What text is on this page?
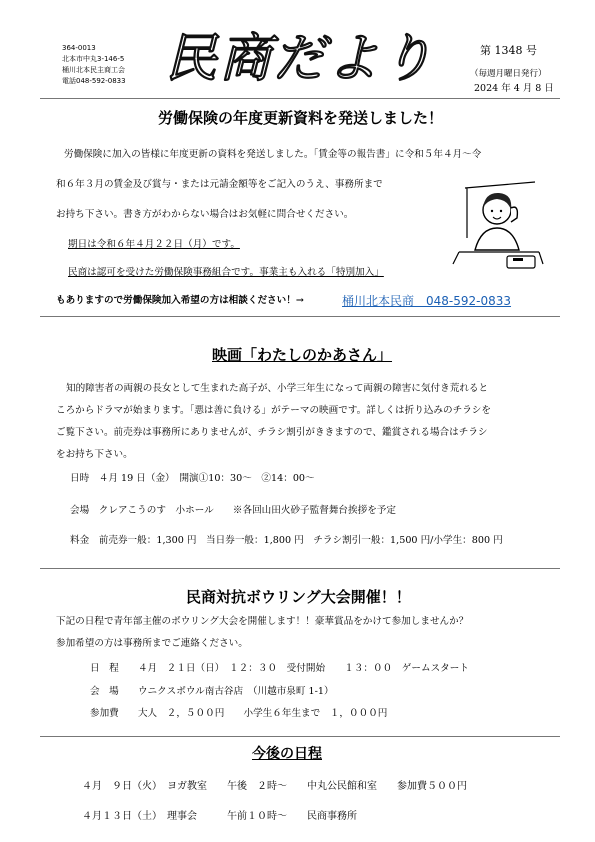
364-0013
北本市中丸3-146-5
桶川北本民主商工会
電話048-592-0833 民商だより	第 1348 号
（毎週月曜日発行）
2024 年 4 月 8 日
労働保険の年度更新資料を発送しました！
労働保険に加入の皆様に年度更新の資料を発送しました。「賃金等の報告書」に令和５年４月～令
和６年３月の賃金及び賞与・または元請金額等をご記入のうえ、事務所まで
お持ち下さい。書き方がわからない場合はお気軽に問合せください。
期日は令和６年４月２２日（月）です。
民商は認可を受けた労働保険事務組合です。事業主も入れる「特別加入」
もありますので労働保険加入希望の方は相談ください！→	桶川北本民商　048-592-0833
映画「わたしのかあさん」
知的障害者の両親の長女として生まれた高子が、小学三年生になって両親の障害に気付き荒れると
ころからドラマが始まります。「悪は善に負ける」がテーマの映画です。詳しくは折り込みのチラシを
ご覧下さい。前売券は事務所にありませんが、チラシ割引がききますので、鑑賞される場合はチラシ
をお持ち下さい。
日時　４月 19 日（金）　開演①10：30～　②14：00～
会場　クレアこうのす　小ホール　　※各回山田火砂子監督舞台挨拶を予定
料金　前売券一般：1,300 円　当日券一般：1,800 円　チラシ割引一般：1,500 円/小学生：800 円
民商対抗ボウリング大会開催！！
下記の日程で青年部主催のボウリング大会を開催します！！豪華賞品をかけて参加しませんか？
参加希望の方は事務所までご連絡ください。
日　程　　４月　２１日（日）　１２：３０　受付開始　　１３：００　ゲームスタート
会　場　　ウニクスボウル南古谷店　（川越市泉町 1-1）
参加費　　大人　２，５００円　　小学生６年生まで　１，０００円
今後の日程
４月　９日（火）　ヨガ教室　　午後　２時～　　中丸公民館和室　　参加費５００円
４月１３日（土）　理事会　　　午前１０時～　　民商事務所
